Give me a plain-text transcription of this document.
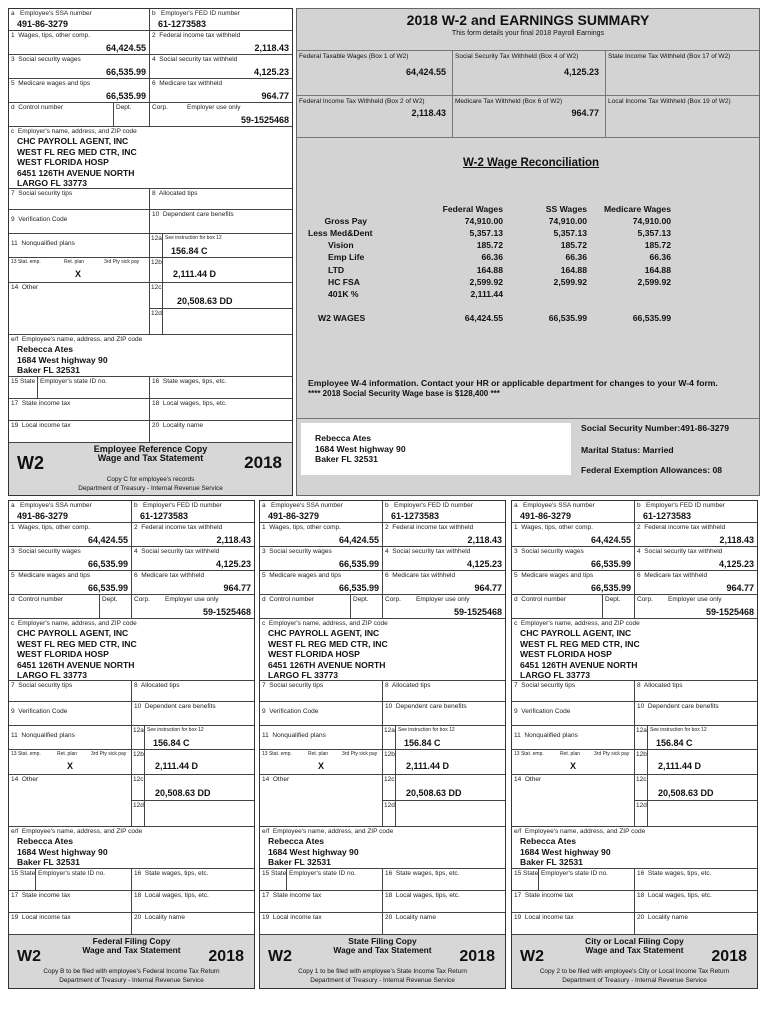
a Employee's SSA number
491-86-3279
b Employer's FED ID number
61-1273583
1 Wages, tips, other comp.
64,424.55
2 Federal income tax withheld
2,118.43
3 Social security wages
66,535.99
4 Social security tax withheld
4,125.23
5 Medicare wages and tips
66,535.99
6 Medicare tax withheld
964.77
d Control number	Dept.	Corp.	Employer use only
59-1525468
c Employer's name, address, and ZIP code
CHC PAYROLL AGENT, INC
WEST FL REG MED CTR, INC
WEST FLORIDA HOSP
6451 126TH AVENUE NORTH
LARGO FL 33773
7 Social security tips	8 Allocated tips
9 Verification Code
10 Dependent care benefits
11 Nonqualified plans
12a See instruction for box 12
156.84 C
13 Stat. emp.	Ret. plan	3rd Pty sick pay
X
12b
2,111.44 D
14 Other	12c
20,508.63 DD
12d
e/f Employee's name, address, and ZIP code
Rebecca Ates
1684 West highway 90
Baker FL 32531
15 State Employer's state ID no.	16 State wages, tips, etc.
17 State income tax	18 Local wages, tips, etc.
19 Local income tax	20 Locality name
W2	2018
Employee Reference Copy
Wage and Tax Statement
Copy C for employee's records
Department of Treasury - Internal Revenue Service
2018 W-2 and EARNINGS SUMMARY
This form details your final 2018 Payroll Earnings
Federal Taxable Wages (Box 1 of W2)
64,424.55
Social Security Tax Withheld (Box 4 of W2)
4,125.23
State Income Tax Withheld (Box 17 of W2)
Federal Income Tax Withheld (Box 2 of W2)
2,118.43
Medicare Tax Withheld (Box 6 of W2)
964.77
Local Income Tax Withheld (Box 19 of W2)
W-2 Wage Reconciliation
Federal Wages	SS Wages Medicare Wages
Gross Pay	74,910.00	74,910.00	74,910.00
Less Med&Dent	5,357.13	5,357.13	5,357.13
Vision	185.72	185.72	185.72
Emp Life	66.36	66.36	66.36
LTD	164.88	164.88	164.88
HC FSA	2,599.92	2,599.92	2,599.92
401K %	2,111.44
W2 WAGES	64,424.55	66,535.99	66,535.99
Employee W-4 information. Contact your HR or applicable department for changes to your W-4 form.
**** 2018 Social Security Wage base is $128,400 ***
Rebecca Ates
1684 West highway 90
Baker FL 32531
Social Security Number:491-86-3279
Marital Status: Married
Federal Exemption Allowances: 08
a Employee's SSA number
491-86-3279
b Employer's FED ID number
61-1273583
1 Wages, tips, other comp.
64,424.55
2 Federal income tax withheld
2,118.43
3 Social security wages
66,535.99
4 Social security tax withheld
4,125.23
5 Medicare wages and tips
66,535.99
6 Medicare tax withheld
964.77
d Control number	Dept.	Corp. Employer use only
59-1525468
c Employer's name, address, and ZIP code
CHC PAYROLL AGENT, INC
WEST FL REG MED CTR, INC
WEST FLORIDA HOSP
6451 126TH AVENUE NORTH
LARGO FL 33773
7 Social security tips	8 Allocated tips
9 Verification Code
10 Dependent care benefits
11 Nonqualified plans
12a See instruction for box 12
156.84 C
13 Stat. emp.	Ret. plan	3rd Pty sick pay
X
12b
2,111.44 D
14 Other	12c
20,508.63 DD
12d
e/f Employee's name, address, and ZIP code
Rebecca Ates
1684 West highway 90
Baker FL 32531
15 State Employer's state ID no.	16 State wages, tips, etc.
17 State income tax	18 Local wages, tips, etc.
19 Local income tax	20 Locality name
W2	2018
Federal Filing Copy
Wage and Tax Statement
Copy B to be filed with employee's Federal Income Tax Return
Department of Treasury - Internal Revenue Service
a Employee's SSA number
491-86-3279
b Employer's FED ID number
61-1273583
1 Wages, tips, other comp.
64,424.55
2 Federal income tax withheld
2,118.43
3 Social security wages
66,535.99
4 Social security tax withheld
4,125.23
5 Medicare wages and tips
66,535.99
6 Medicare tax withheld
964.77
d Control number	Dept.	Corp. Employer use only
59-1525468
c Employer's name, address, and ZIP code
CHC PAYROLL AGENT, INC
WEST FL REG MED CTR, INC
WEST FLORIDA HOSP
6451 126TH AVENUE NORTH
LARGO FL 33773
7 Social security tips	8 Allocated tips
9 Verification Code
10 Dependent care benefits
11 Nonqualified plans
12a See instruction for box 12
156.84 C
13 Stat. emp.	Ret. plan	3rd Pty sick pay
X
12b
2,111.44 D
14 Other	12c
20,508.63 DD
12d
e/f Employee's name, address, and ZIP code
Rebecca Ates
1684 West highway 90
Baker FL 32531
15 State Employer's state ID no.	16 State wages, tips, etc.
17 State income tax	18 Local wages, tips, etc.
19 Local income tax	20 Locality name
W2	2018
State Filing Copy
Wage and Tax Statement
Copy 1 to be filed with employee's State Income Tax Return
Department of Treasury - Internal Revenue Service
a Employee's SSA number
491-86-3279
b Employer's FED ID number
61-1273583
1 Wages, tips, other comp.
64,424.55
2 Federal income tax withheld
2,118.43
3 Social security wages
66,535.99
4 Social security tax withheld
4,125.23
5 Medicare wages and tips
66,535.99
6 Medicare tax withheld
964.77
d Control number	Dept.	Corp. Employer use only
59-1525468
c Employer's name, address, and ZIP code
CHC PAYROLL AGENT, INC
WEST FL REG MED CTR, INC
WEST FLORIDA HOSP
6451 126TH AVENUE NORTH
LARGO FL 33773
7 Social security tips	8 Allocated tips
9 Verification Code
10 Dependent care benefits
11 Nonqualified plans
12a See instruction for box 12
156.84 C
13 Stat. emp.	Ret. plan	3rd Pty sick pay
X
12b
2,111.44 D
14 Other	12c
20,508.63 DD
12d
e/f Employee's name, address, and ZIP code
Rebecca Ates
1684 West highway 90
Baker FL 32531
15 State Employer's state ID no.	16 State wages, tips, etc.
17 State income tax	18 Local wages, tips, etc.
19 Local income tax	20 Locality name
W2	2018
City or Local Filing Copy
Wage and Tax Statement
Copy 2 to be filed with employee's City or Local Income Tax Return
Department of Treasury - Internal Revenue Service
